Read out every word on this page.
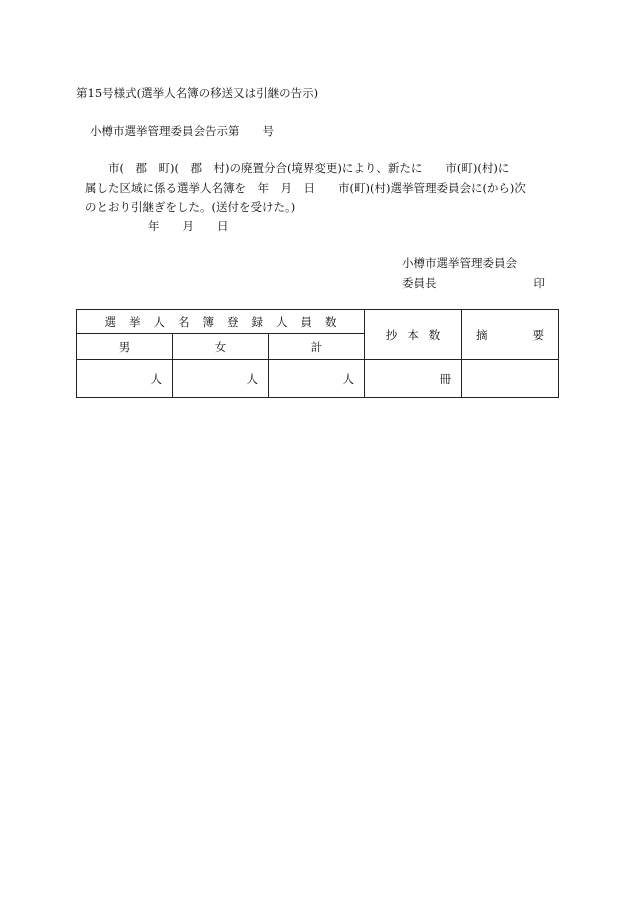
第15号様式(選挙人名簿の移送又は引継の告示)

小樽市選挙管理委員会告示第　　号

　　市(　郡　町)(　郡　村)の廃置分合(境界変更)により、新たに　　市(町)(村)に

属した区域に係る選挙人名簿を　年　月　日　　市(町)(村)選挙管理委員会に(から)次

のとおり引継ぎをした。(送付を受けた。)

年　　月　　日

小樽市選挙管理委員会

委員長	印
選挙人名簿登録人員数			抄本数	摘 要

男	女	計		
人	人	人	冊	
